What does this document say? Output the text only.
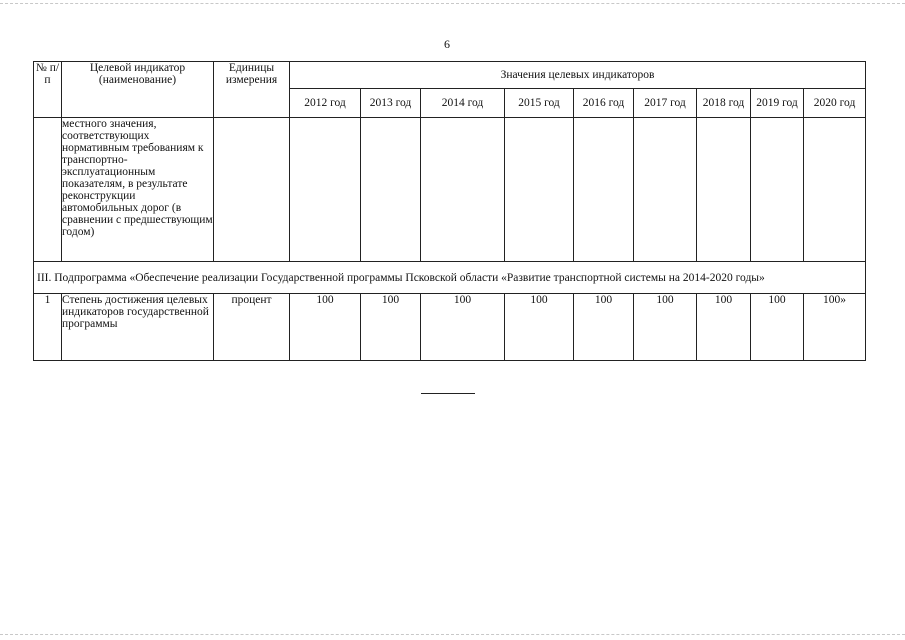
6
№ п/п	Целевой индикатор (наименование)	Единицы измерения	Значения целевых индикаторов								
			2012 год	2013 год	2014 год	2015 год	2016 год	2017 год	2018 год	2019 год	2020 год
	местного значения, соответствующих нормативным требованиям к транспортно-эксплуатационным показателям, в результате реконструкции автомобильных дорог (в сравнении с предшествующим годом)										
III. Подпрограмма «Обеспечение реализации Государственной программы Псковской области «Развитие транспортной системы на 2014-2020 годы»											
1	Степень достижения целевых индикаторов государственной программы	процент	100	100	100	100	100	100	100	100	100»
